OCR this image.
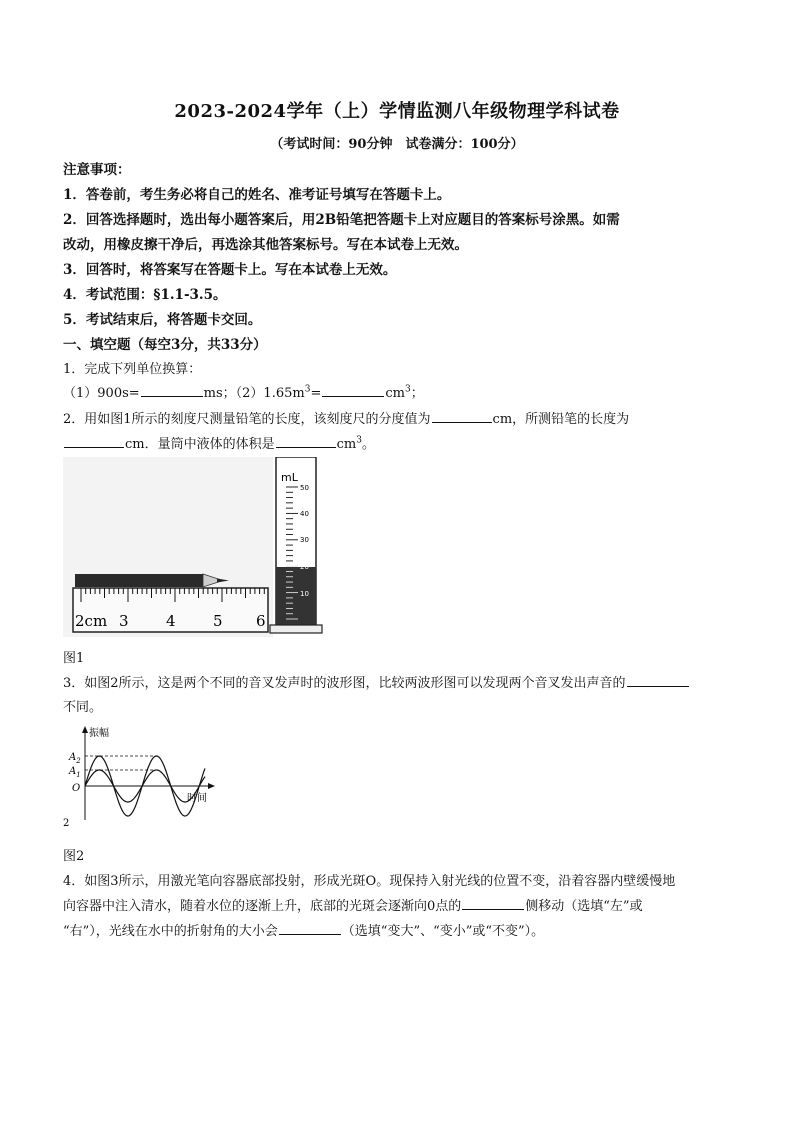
2023-2024学年（上）学情监测八年级物理学科试卷
（考试时间：90分钟　试卷满分：100分）
注意事项：
1．答卷前，考生务必将自己的姓名、准考证号填写在答题卡上。
2．回答选择题时，选出每小题答案后，用2B铅笔把答题卡上对应题目的答案标号涂黑。如需
改动，用橡皮擦干净后，再选涂其他答案标号。写在本试卷上无效。
3．回答时，将答案写在答题卡上。写在本试卷上无效。
4．考试范围：§1.1-3.5。
5．考试结束后，将答题卡交回。
一、填空题（每空3分，共33分）
1．完成下列单位换算：
（1）900s=	ms；$(2)1.65m^3=$	$cm^3$；
2．用如图1所示的刻度尺测量铅笔的长度，该刻度尺的分度值为	cm，所测铅笔的长度为
cm．量筒中液体的体积是	$cm^3$。
2cm 3 4 5 6
mL
50
40
30
20
10
图1
3．如图2所示，这是两个不同的音叉发声时的波形图，比较两波形图可以发现两个音叉发出声音的
不同。
振幅
时间
$A_2$
$A_1$
O
2
图2
4．如图3所示，用激光笔向容器底部投射，形成光斑O。现保持入射光线的位置不变，沿着容器内壁缓慢地
向容器中注入清水，随着水位的逐渐上升，底部的光斑会逐渐向0点的	侧移动（选填“左”或
“右”），光线在水中的折射角的大小会	（选填“变大”、“变小”或“不变”）。
